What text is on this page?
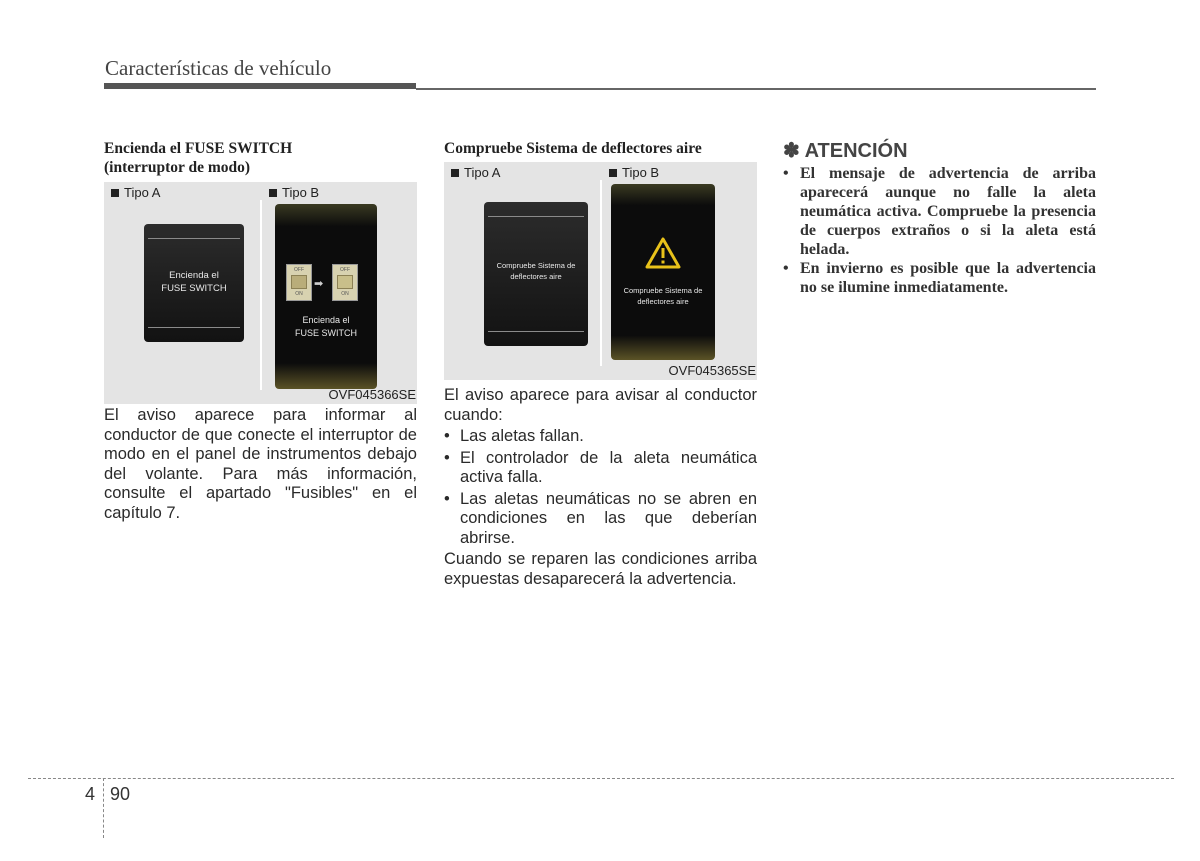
Características de vehículo
Encienda el FUSE SWITCH
(interruptor de modo)
Tipo A	Tipo B
Encienda el
FUSE SWITCH
OFF
ON
➡
OFF
ON
Encienda el
FUSE SWITCH
OVF045366SE

El aviso aparece para informar al conductor de que conecte el interruptor de modo en el panel de instrumentos debajo del volante. Para más información, consulte el apartado "Fusibles" en el capítulo 7.

Compruebe Sistema de deflectores aire
Tipo A	Tipo B
Compruebe Sistema de
deflectores aire
Compruebe Sistema de
deflectores aire
OVF045365SE

El aviso aparece para avisar al conductor cuando:

• Las aletas fallan.
• El controlador de la aleta neumática activa falla.
• Las aletas neumáticas no se abren en condiciones en las que deberían abrirse.

Cuando se reparen las condiciones arriba expuestas desaparecerá la advertencia.

✽ ATENCIÓN
• El mensaje de advertencia de arriba aparecerá aunque no falle la aleta neumática activa. Compruebe la presencia de cuerpos extraños o si la aleta está helada.
• En invierno es posible que la advertencia no se ilumine inmediatamente.
4 90
